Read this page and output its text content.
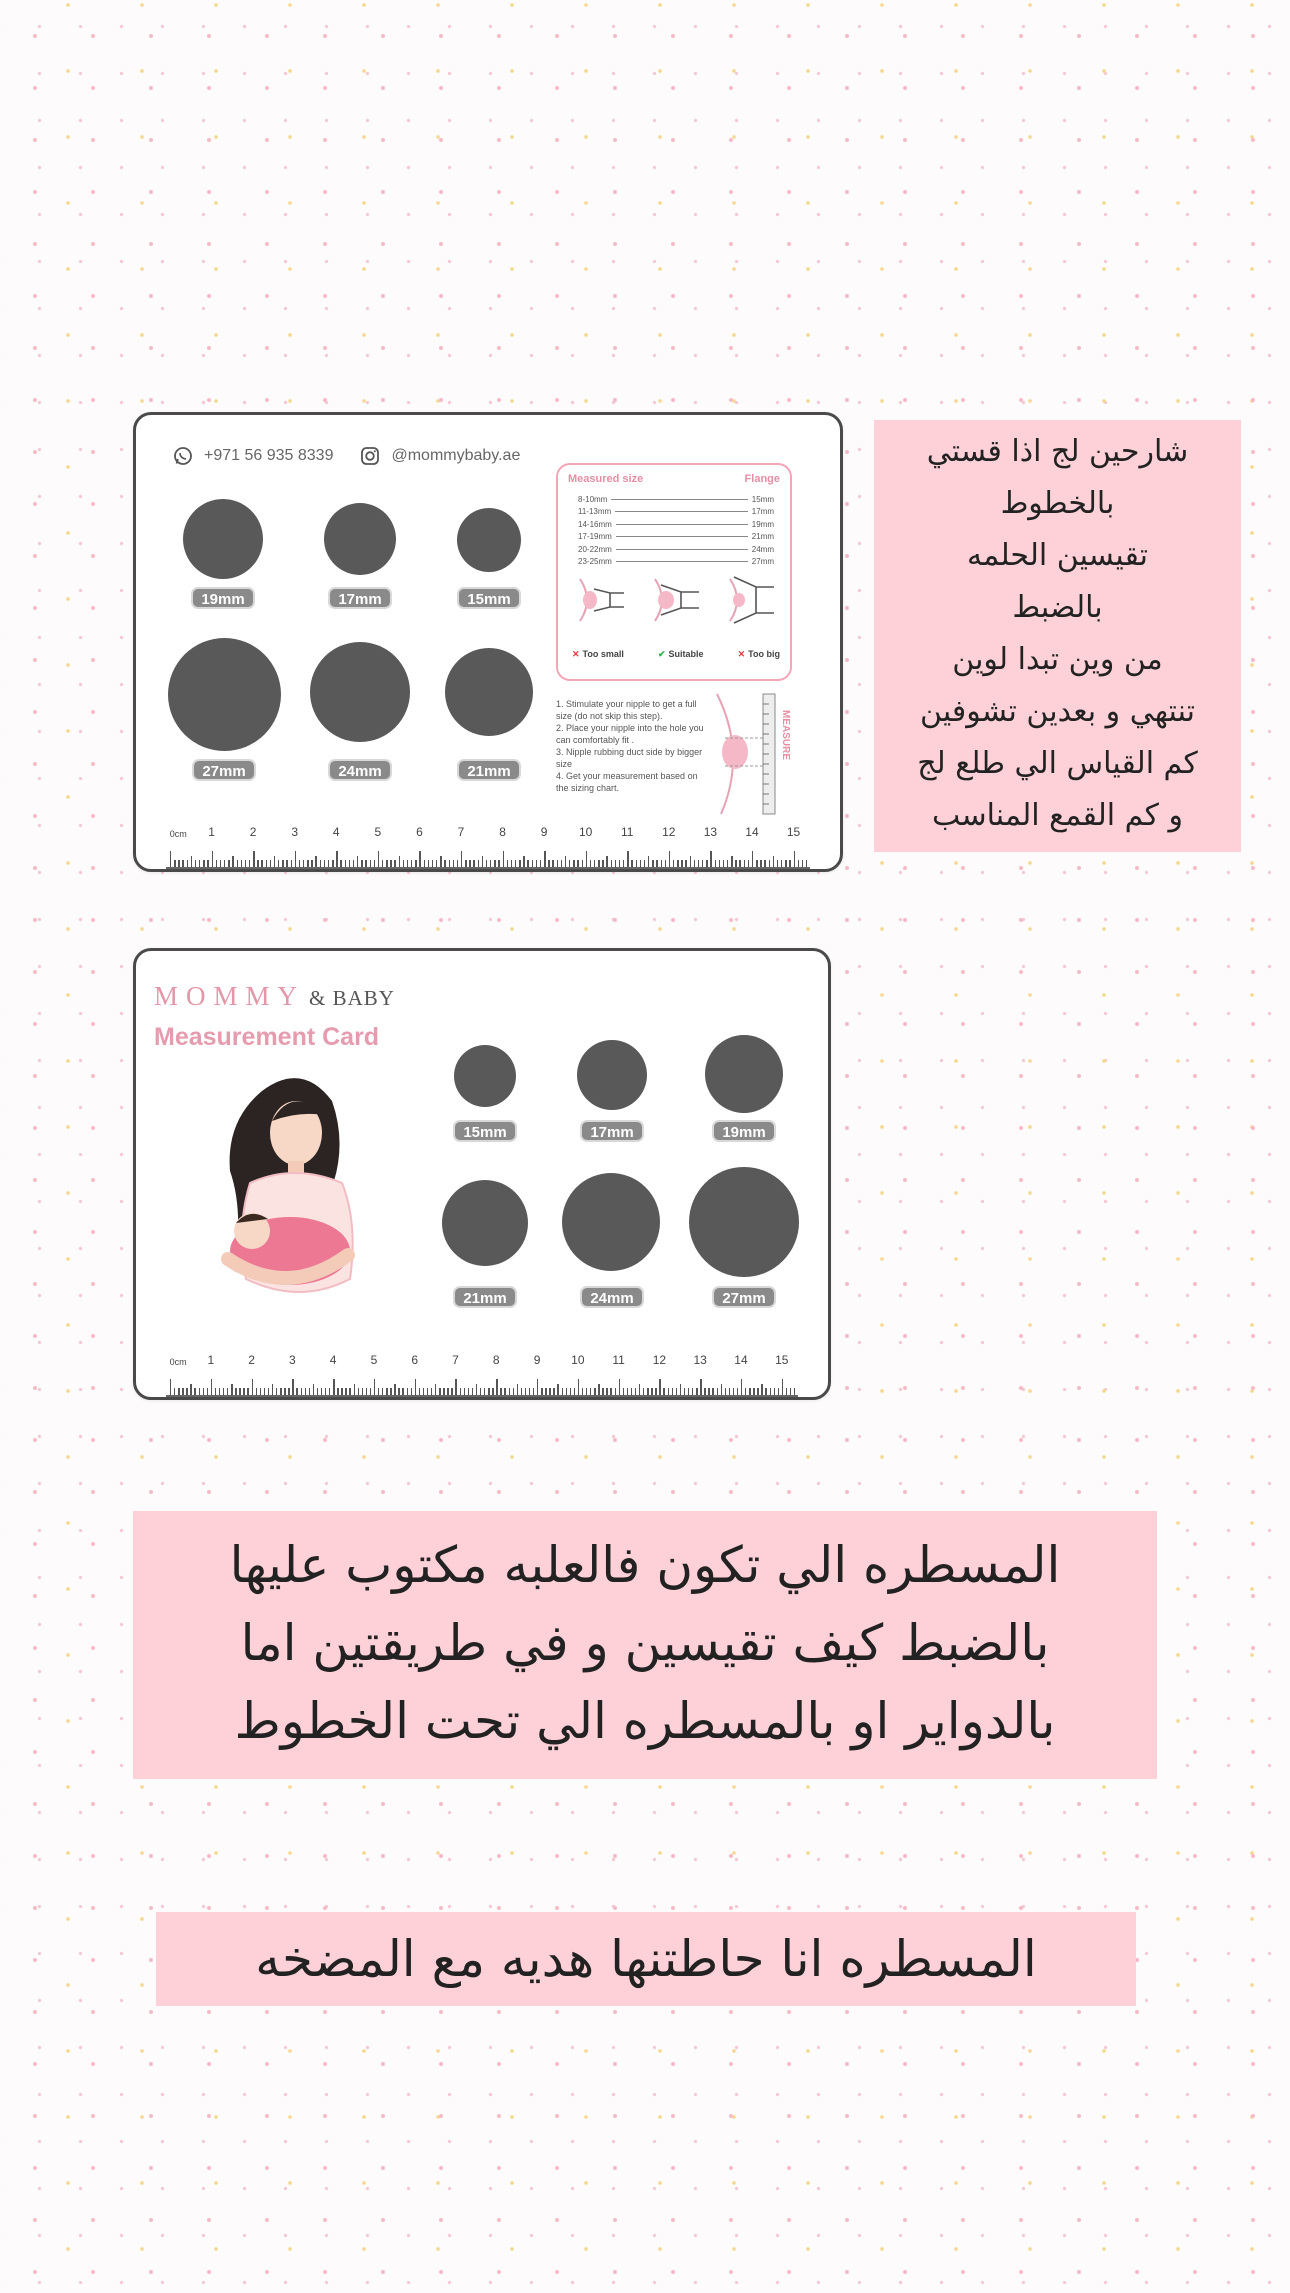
+971 56 935 8339	@mommybaby.ae
19mm	17mm	15mm
27mm	24mm	21mm
Measured size	Flange
8-10mm	15mm
11-13mm	17mm
14-16mm	19mm
17-19mm	21mm
20-22mm	24mm
23-25mm	27mm
✕ Too small	✔ Suitable	✕ Too big
1. Stimulate your nipple to get a full size (do not skip this step).
2. Place your nipple into the hole you can comfortably fit .
3. Nipple rubbing duct side by bigger size
4. Get your measurement based on the sizing chart.
MEASURE
0cm 1	2	3	4	5	6	7	8	9	10 11 12 13 14 15
MOMMY & BABY
Measurement Card
15mm	17mm	19mm
21mm	24mm	27mm
0cm 1	2	3	4	5	6	7	8	9	10 11 12 13 14 15
شارحين لج اذا قستي
بالخطوط
تقيسين الحلمه
بالضبط
من وين تبدا لوين
تنتهي و بعدين تشوفين
كم القياس الي طلع لج
و كم القمع المناسب
المسطره الي تكون فالعلبه مكتوب عليها
بالضبط كيف تقيسين و في طريقتين اما
بالدواير او بالمسطره الي تحت الخطوط
المسطره انا حاطتنها هديه مع المضخه
